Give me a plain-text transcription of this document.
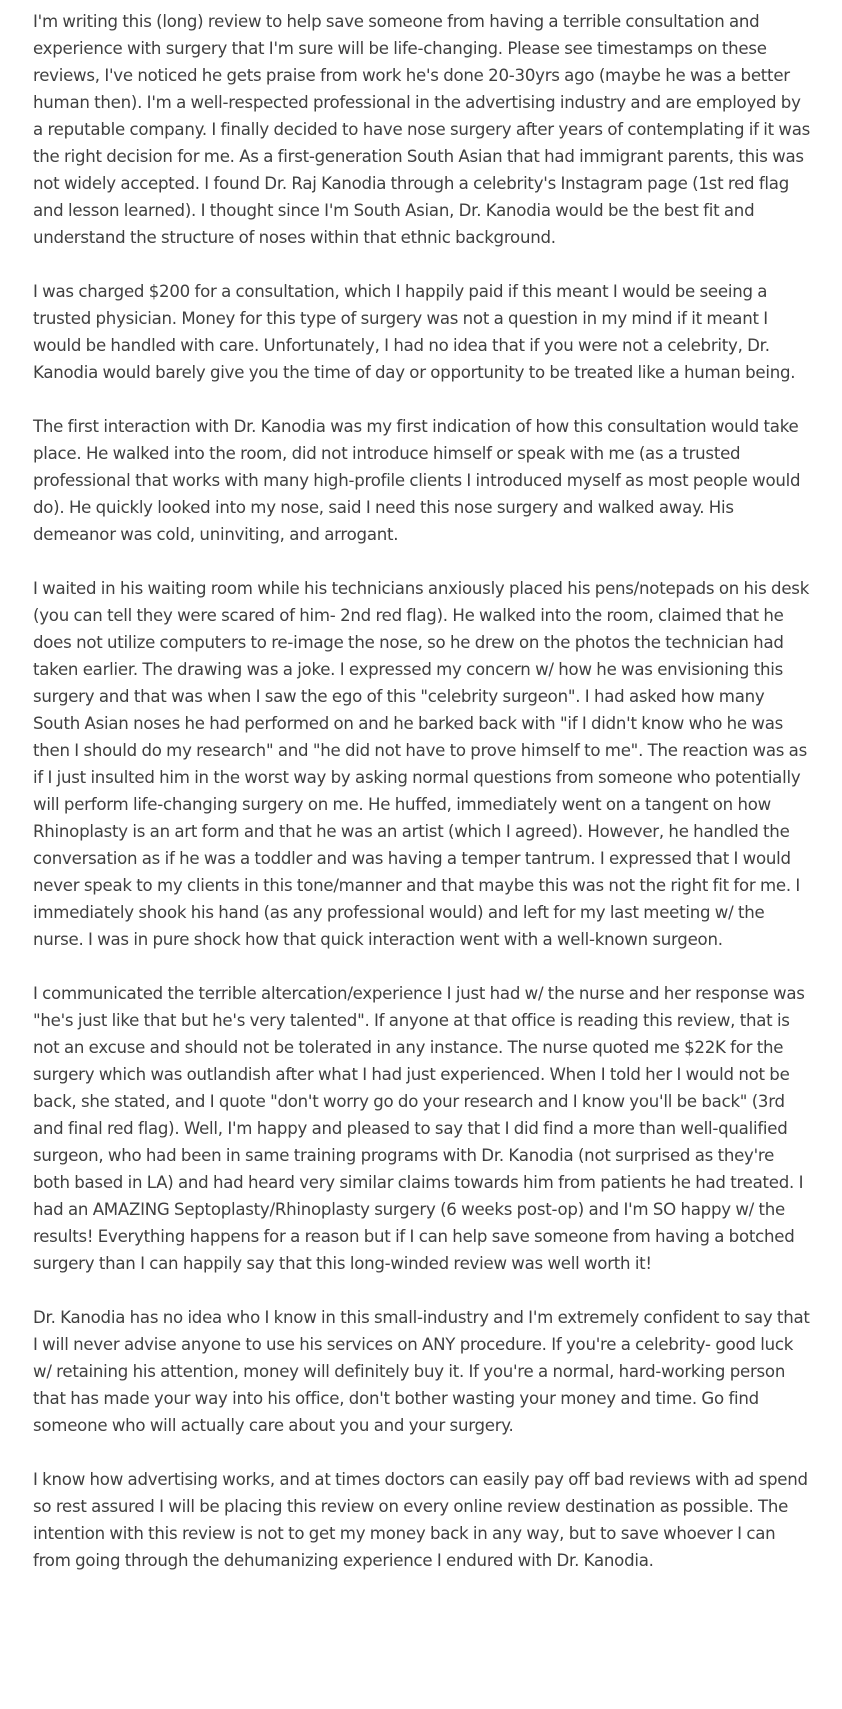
I'm writing this (long) review to help save someone from having a terrible consultation and experience with surgery that I'm sure will be life-changing. Please see timestamps on these reviews, I've noticed he gets praise from work he's done 20-30yrs ago (maybe he was a better human then). I'm a well-respected professional in the advertising industry and are employed by a reputable company. I finally decided to have nose surgery after years of contemplating if it was the right decision for me. As a first-generation South Asian that had immigrant parents, this was not widely accepted. I found Dr. Raj Kanodia through a celebrity's Instagram page (1st red flag and lesson learned). I thought since I'm South Asian, Dr. Kanodia would be the best fit and understand the structure of noses within that ethnic background.

I was charged $200 for a consultation, which I happily paid if this meant I would be seeing a trusted physician. Money for this type of surgery was not a question in my mind if it meant I would be handled with care. Unfortunately, I had no idea that if you were not a celebrity, Dr. Kanodia would barely give you the time of day or opportunity to be treated like a human being.

The first interaction with Dr. Kanodia was my first indication of how this consultation would take place. He walked into the room, did not introduce himself or speak with me (as a trusted professional that works with many high-profile clients I introduced myself as most people would do). He quickly looked into my nose, said I need this nose surgery and walked away. His demeanor was cold, uninviting, and arrogant.

I waited in his waiting room while his technicians anxiously placed his pens/notepads on his desk (you can tell they were scared of him- 2nd red flag). He walked into the room, claimed that he does not utilize computers to re-image the nose, so he drew on the photos the technician had taken earlier. The drawing was a joke. I expressed my concern w/ how he was envisioning this surgery and that was when I saw the ego of this "celebrity surgeon". I had asked how many South Asian noses he had performed on and he barked back with "if I didn't know who he was then I should do my research" and "he did not have to prove himself to me". The reaction was as if I just insulted him in the worst way by asking normal questions from someone who potentially will perform life-changing surgery on me. He huffed, immediately went on a tangent on how Rhinoplasty is an art form and that he was an artist (which I agreed). However, he handled the conversation as if he was a toddler and was having a temper tantrum. I expressed that I would never speak to my clients in this tone/manner and that maybe this was not the right fit for me. I immediately shook his hand (as any professional would) and left for my last meeting w/ the nurse. I was in pure shock how that quick interaction went with a well-known surgeon.

I communicated the terrible altercation/experience I just had w/ the nurse and her response was "he's just like that but he's very talented". If anyone at that office is reading this review, that is not an excuse and should not be tolerated in any instance. The nurse quoted me $22K for the surgery which was outlandish after what I had just experienced. When I told her I would not be back, she stated, and I quote "don't worry go do your research and I know you'll be back" (3rd and final red flag). Well, I'm happy and pleased to say that I did find a more than well-qualified surgeon, who had been in same training programs with Dr. Kanodia (not surprised as they're both based in LA) and had heard very similar claims towards him from patients he had treated. I had an AMAZING Septoplasty/Rhinoplasty surgery (6 weeks post-op) and I'm SO happy w/ the results! Everything happens for a reason but if I can help save someone from having a botched surgery than I can happily say that this long-winded review was well worth it!

Dr. Kanodia has no idea who I know in this small-industry and I'm extremely confident to say that I will never advise anyone to use his services on ANY procedure. If you're a celebrity- good luck w/ retaining his attention, money will definitely buy it. If you're a normal, hard-working person that has made your way into his office, don't bother wasting your money and time. Go find someone who will actually care about you and your surgery.

I know how advertising works, and at times doctors can easily pay off bad reviews with ad spend so rest assured I will be placing this review on every online review destination as possible. The intention with this review is not to get my money back in any way, but to save whoever I can from going through the dehumanizing experience I endured with Dr. Kanodia.
